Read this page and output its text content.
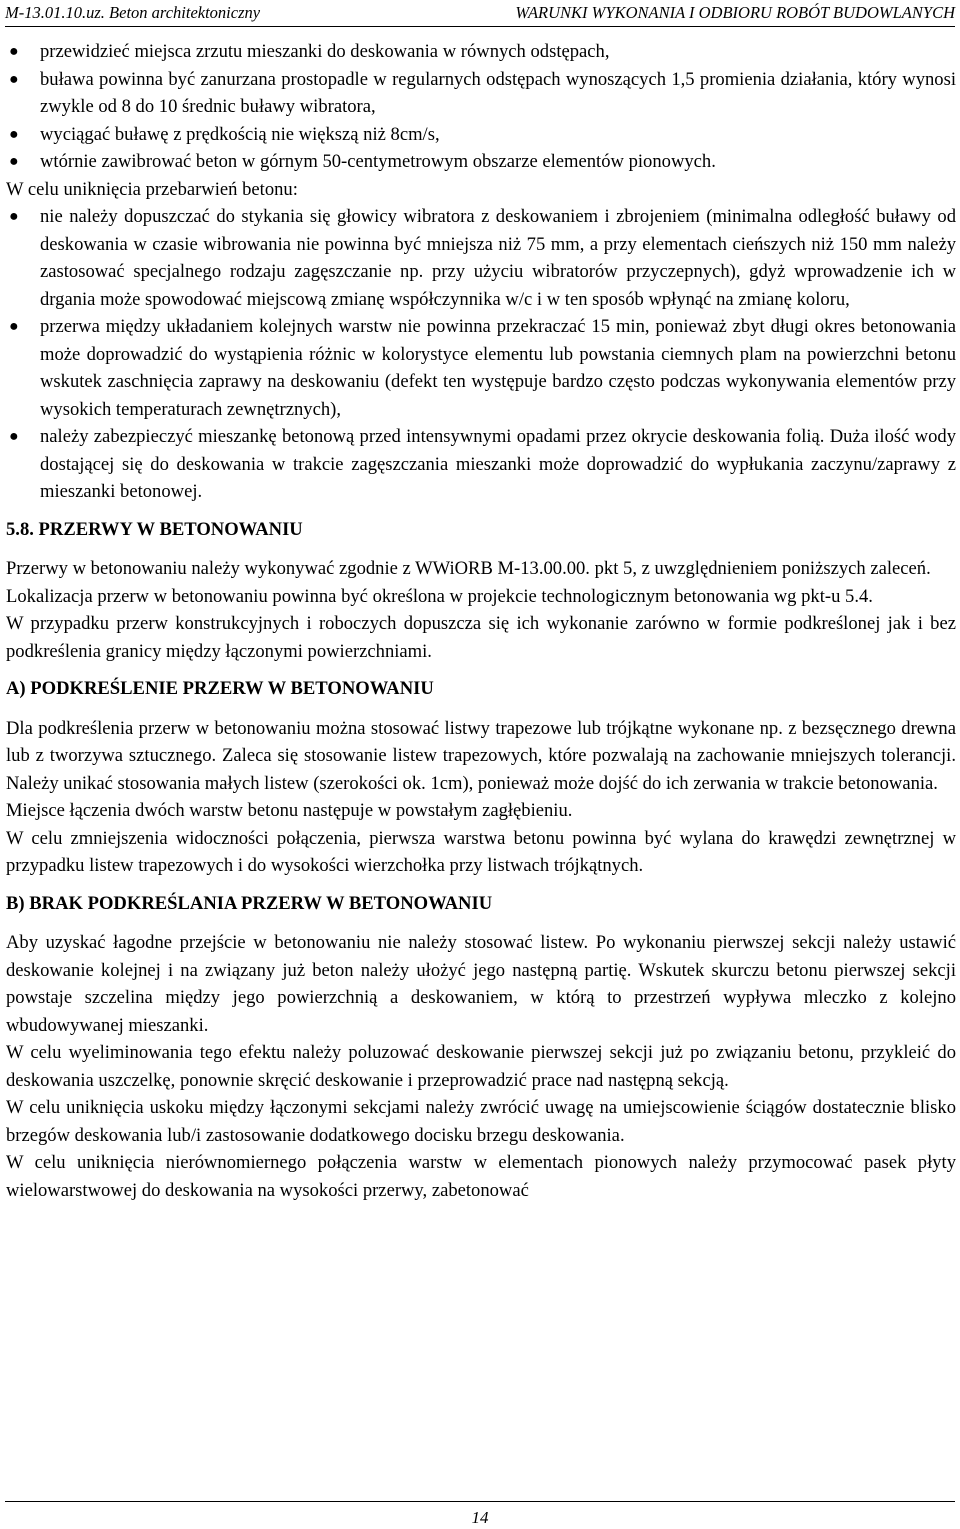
M-13.01.10.uz. Beton architektoniczny	WARUNKI WYKONANIA I ODBIORU ROBÓT BUDOWLANYCH
● przewidzieć miejsca zrzutu mieszanki do deskowania w równych odstępach,
● buława powinna być zanurzana prostopadle w regularnych odstępach wynoszących 1,5 promienia działania, który wynosi zwykle od 8 do 10 średnic buławy wibratora,
● wyciągać buławę z prędkością nie większą niż 8cm/s,
● wtórnie zawibrować beton w górnym 50-centymetrowym obszarze elementów pionowych.

W celu uniknięcia przebarwień betonu:

● nie należy dopuszczać do stykania się głowicy wibratora z deskowaniem i zbrojeniem (minimalna odległość buławy od deskowania w czasie wibrowania nie powinna być mniejsza niż 75 mm, a przy elementach cieńszych niż 150 mm należy zastosować specjalnego rodzaju zagęszczanie np. przy użyciu wibratorów przyczepnych), gdyż wprowadzenie ich w drgania może spowodować miejscową zmianę współczynnika w/c i w ten sposób wpłynąć na zmianę koloru,
● przerwa między układaniem kolejnych warstw nie powinna przekraczać 15 min, ponieważ zbyt długi okres betonowania może doprowadzić do wystąpienia różnic w kolorystyce elementu lub powstania ciemnych plam na powierzchni betonu wskutek zaschnięcia zaprawy na deskowaniu (defekt ten występuje bardzo często podczas wykonywania elementów przy wysokich temperaturach zewnętrznych),
● należy zabezpieczyć mieszankę betonową przed intensywnymi opadami przez okrycie deskowania folią. Duża ilość wody dostającej się do deskowania w trakcie zagęszczania mieszanki może doprowadzić do wypłukania zaczynu/zaprawy z mieszanki betonowej.

5.8. PRZERWY W BETONOWANIU

Przerwy w betonowaniu należy wykonywać zgodnie z WWiORB M-13.00.00. pkt 5, z uwzględnieniem poniższych zaleceń.

Lokalizacja przerw w betonowaniu powinna być określona w projekcie technologicznym betonowania wg pkt-u 5.4.

W przypadku przerw konstrukcyjnych i roboczych dopuszcza się ich wykonanie zarówno w formie podkreślonej jak i bez podkreślenia granicy między łączonymi powierzchniami.

A) PODKREŚLENIE PRZERW W BETONOWANIU

Dla podkreślenia przerw w betonowaniu można stosować listwy trapezowe lub trójkątne wykonane np. z bezsęcznego drewna lub z tworzywa sztucznego. Zaleca się stosowanie listew trapezowych, które pozwalają na zachowanie mniejszych tolerancji. Należy unikać stosowania małych listew (szerokości ok. 1cm), ponieważ może dojść do ich zerwania w trakcie betonowania.

Miejsce łączenia dwóch warstw betonu następuje w powstałym zagłębieniu.

W celu zmniejszenia widoczności połączenia, pierwsza warstwa betonu powinna być wylana do krawędzi zewnętrznej w przypadku listew trapezowych i do wysokości wierzchołka przy listwach trójkątnych.

B) BRAK PODKREŚLANIA PRZERW W BETONOWANIU

Aby uzyskać łagodne przejście w betonowaniu nie należy stosować listew. Po wykonaniu pierwszej sekcji należy ustawić deskowanie kolejnej i na związany już beton należy ułożyć jego następną partię. Wskutek skurczu betonu pierwszej sekcji powstaje szczelina między jego powierzchnią a deskowaniem, w którą to przestrzeń wypływa mleczko z kolejno wbudowywanej mieszanki.

W celu wyeliminowania tego efektu należy poluzować deskowanie pierwszej sekcji już po związaniu betonu, przykleić do deskowania uszczelkę, ponownie skręcić deskowanie i przeprowadzić prace nad następną sekcją.

W celu uniknięcia uskoku między łączonymi sekcjami należy zwrócić uwagę na umiejscowienie ściągów dostatecznie blisko brzegów deskowania lub/i zastosowanie dodatkowego docisku brzegu deskowania.

W celu uniknięcia nierównomiernego połączenia warstw w elementach pionowych należy przymocować pasek płyty wielowarstwowej do deskowania na wysokości przerwy, zabetonować

14
